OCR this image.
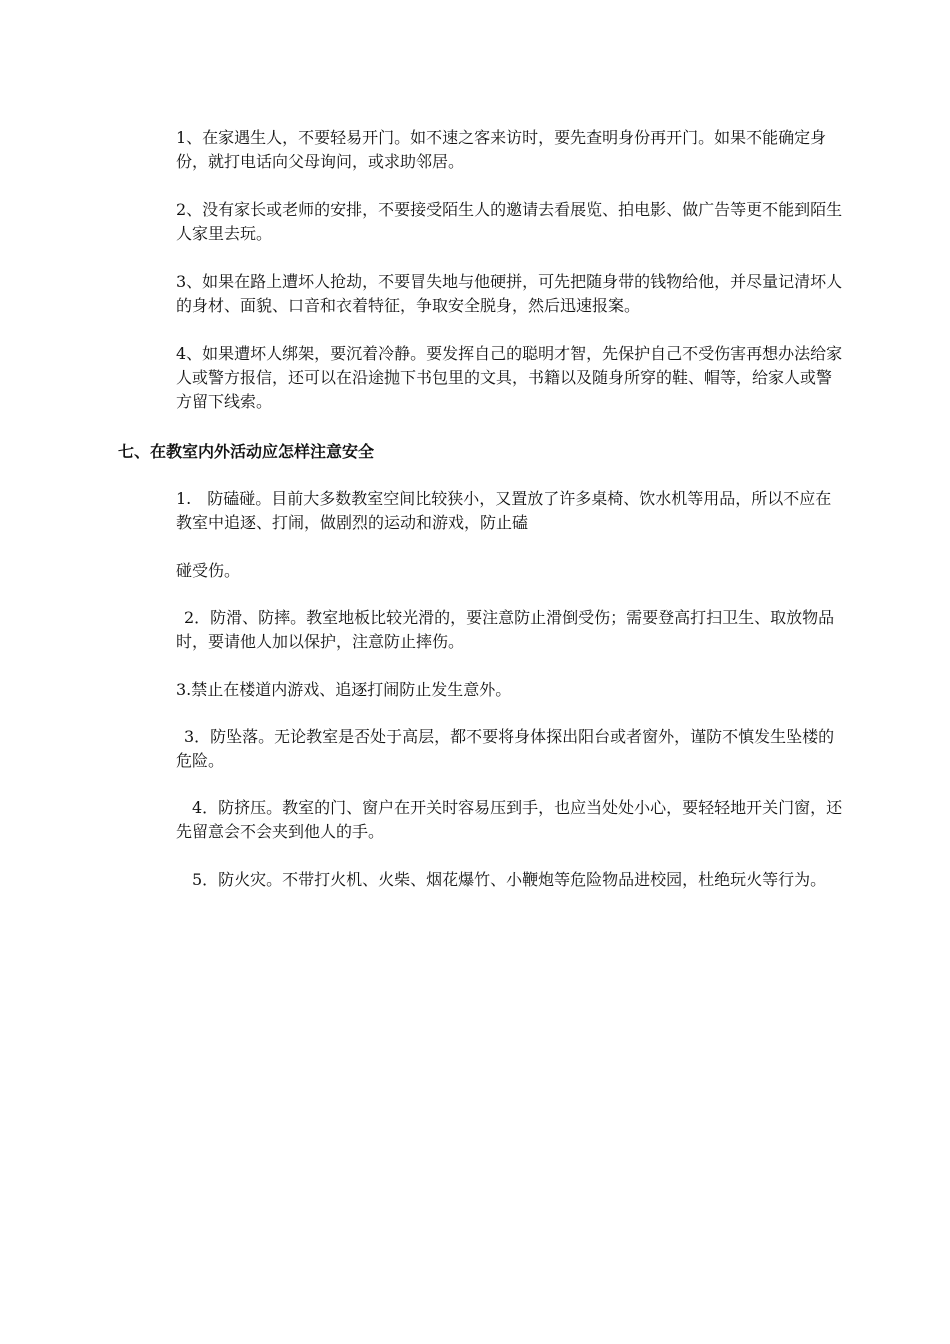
1、在家遇生人，不要轻易开门。如不速之客来访时，要先查明身份再开门。如果不能确定身份，就打电话向父母询问，或求助邻居。

2、没有家长或老师的安排，不要接受陌生人的邀请去看展览、拍电影、做广告等更不能到陌生人家里去玩。

3、如果在路上遭坏人抢劫，不要冒失地与他硬拼，可先把随身带的钱物给他，并尽量记清坏人的身材、面貌、口音和衣着特征，争取安全脱身，然后迅速报案。

4、如果遭坏人绑架，要沉着冷静。要发挥自己的聪明才智，先保护自己不受伤害再想办法给家人或警方报信，还可以在沿途抛下书包里的文具，书籍以及随身所穿的鞋、帽等，给家人或警方留下线索。

七、在教室内外活动应怎样注意安全

1.　防磕碰。目前大多数教室空间比较狭小，又置放了许多桌椅、饮水机等用品，所以不应在教室中追逐、打闹，做剧烈的运动和游戏，防止磕

碰受伤。

2．防滑、防摔。教室地板比较光滑的，要注意防止滑倒受伤；需要登高打扫卫生、取放物品时，要请他人加以保护，注意防止摔伤。

3.禁止在楼道内游戏、追逐打闹防止发生意外。

3．防坠落。无论教室是否处于高层，都不要将身体探出阳台或者窗外，谨防不慎发生坠楼的危险。

4．防挤压。教室的门、窗户在开关时容易压到手，也应当处处小心，要轻轻地开关门窗，还先留意会不会夹到他人的手。

5．防火灾。不带打火机、火柴、烟花爆竹、小鞭炮等危险物品进校园，杜绝玩火等行为。
